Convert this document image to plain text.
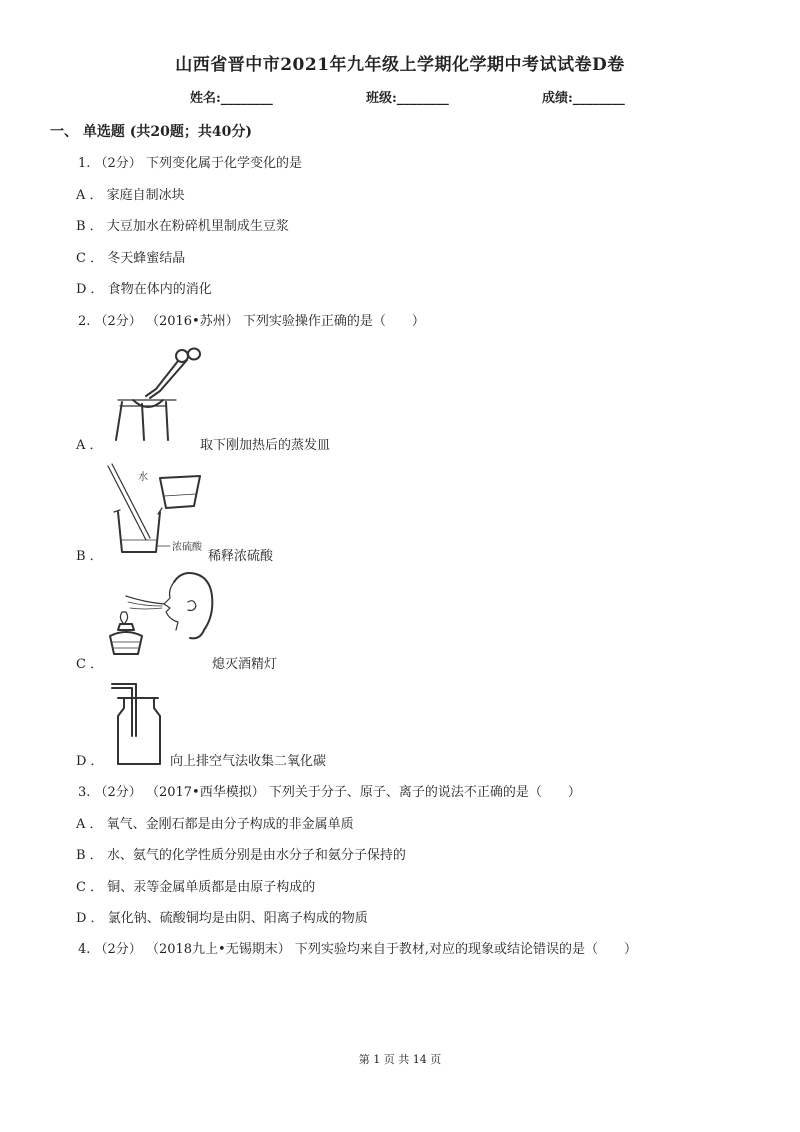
山西省晋中市2021年九年级上学期化学期中考试试卷D卷
姓名:________	班级:________	成绩:________
一、 单选题 (共20题；共40分)
1. （2分） 下列变化属于化学变化的是
A ． 家庭自制冰块
B ． 大豆加水在粉碎机里制成生豆浆
C ． 冬天蜂蜜结晶
D ． 食物在体内的消化
2. （2分） （2016•苏州） 下列实验操作正确的是（　　）
A ．	取下刚加热后的蒸发皿
水
浓硫酸
B ．	稀释浓硫酸
C ．	熄灭酒精灯
D ．	向上排空气法收集二氧化碳
3. （2分） （2017•西华模拟） 下列关于分子、原子、离子的说法不正确的是（　　）
A ． 氧气、金刚石都是由分子构成的非金属单质
B ． 水、氨气的化学性质分别是由水分子和氨分子保持的
C ． 铜、汞等金属单质都是由原子构成的
D ． 氯化钠、硫酸铜均是由阴、阳离子构成的物质
4. （2分） （2018九上•无锡期末） 下列实验均来自于教材,对应的现象或结论错误的是（　　）
第 1 页 共 14 页
